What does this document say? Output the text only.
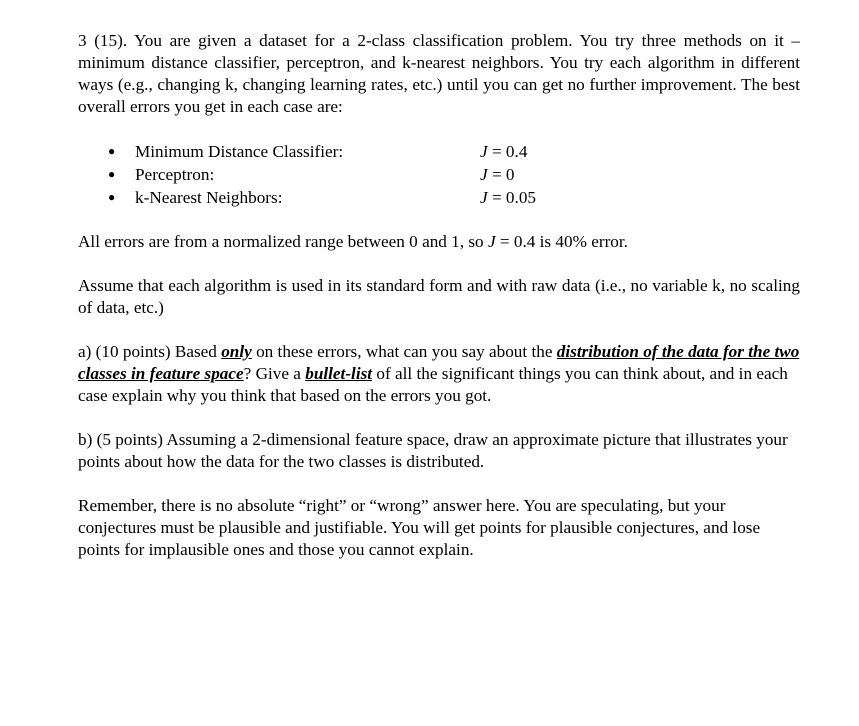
3 (15). You are given a dataset for a 2-class classification problem. You try three methods on it – minimum distance classifier, perceptron, and k-nearest neighbors. You try each algorithm in different ways (e.g., changing k, changing learning rates, etc.) until you can get no further improvement. The best overall errors you get in each case are:

● Minimum Distance Classifier:	J = 0.4
● Perceptron:	J = 0
● k-Nearest Neighbors:	J = 0.05

All errors are from a normalized range between 0 and 1, so J = 0.4 is 40% error.

Assume that each algorithm is used in its standard form and with raw data (i.e., no variable k, no scaling of data, etc.)

a) (10 points) Based only on these errors, what can you say about the distribution of the data for the two classes in feature space? Give a bullet-list of all the significant things you can think about, and in each case explain why you think that based on the errors you got.

b) (5 points) Assuming a 2-dimensional feature space, draw an approximate picture that illustrates your points about how the data for the two classes is distributed.

Remember, there is no absolute “right” or “wrong” answer here. You are speculating, but your conjectures must be plausible and justifiable. You will get points for plausible conjectures, and lose points for implausible ones and those you cannot explain.
